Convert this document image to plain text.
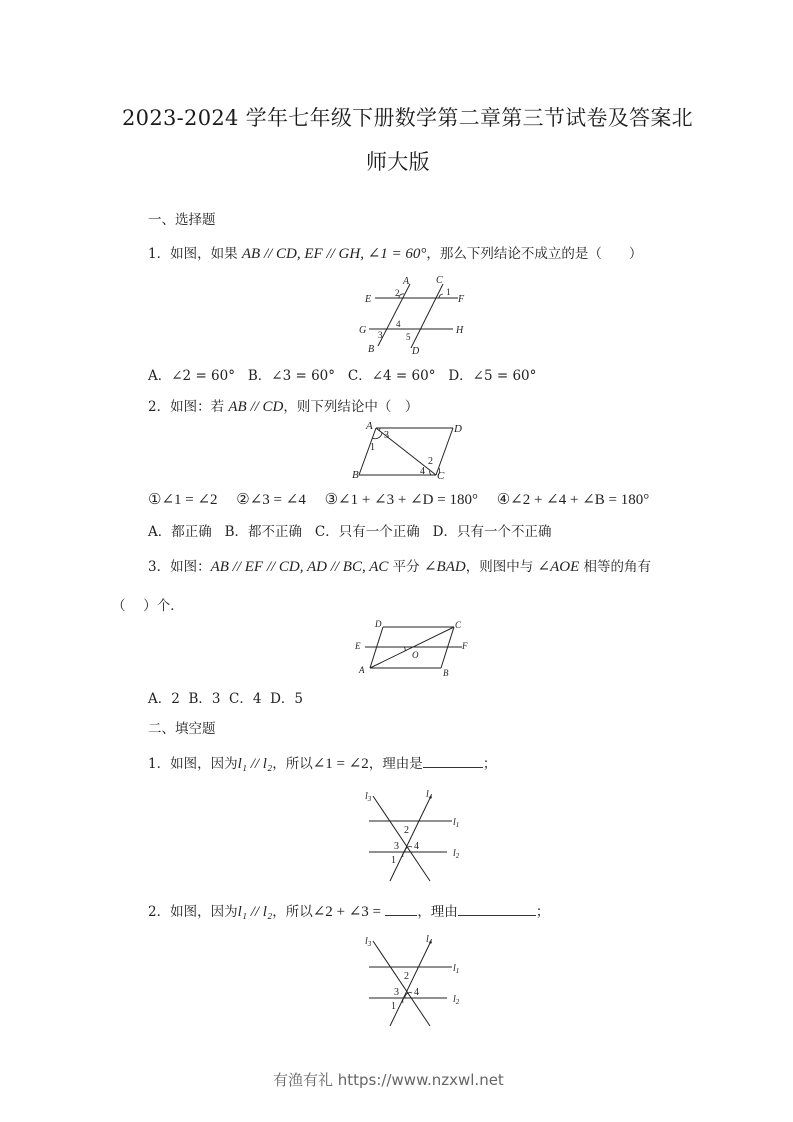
2023-2024 学年七年级下册数学第二章第三节试卷及答案北
师大版
一、选择题
1．如图，如果 AB // CD, EF // GH, ∠1 = 60°，那么下列结论不成立的是（　　）
A	C
E	F
G	H
B	D
1
2
3
4
5
A．∠2 = 60° B．∠3 = 60° C．∠4 = 60° D．∠5 = 60°
2．如图：若 AB // CD，则下列结论中（　）
A	D
B	C
1
3
2
4
①∠1 = ∠2　 ②∠3 = ∠4　 ③∠1 + ∠3 + ∠D = 180°　 ④∠2 + ∠4 + ∠B = 180°
A．都正确 B．都不正确 C．只有一个正确 D．只有一个不正确
3．如图：AB // EF // CD, AD // BC, AC 平分 ∠BAD，则图中与 ∠AOE 相等的角有
（　 ）个．
D	C
E	F
O
A	B
A．2 B．3 C．4 D．5
二、填空题
1．如图，因为l₁ // l₂，所以∠1 = ∠2，理由是	；
$l_3$	$l_4$
$l_1$
$l_2$
2
3 4
1
2．如图，因为l₁ // l₂，所以∠2 + ∠3 =	，理由	；
$l_3$	$l_4$
$l_1$
$l_2$
2
3 4
1
有渔有礼 https://www.nzxwl.net
